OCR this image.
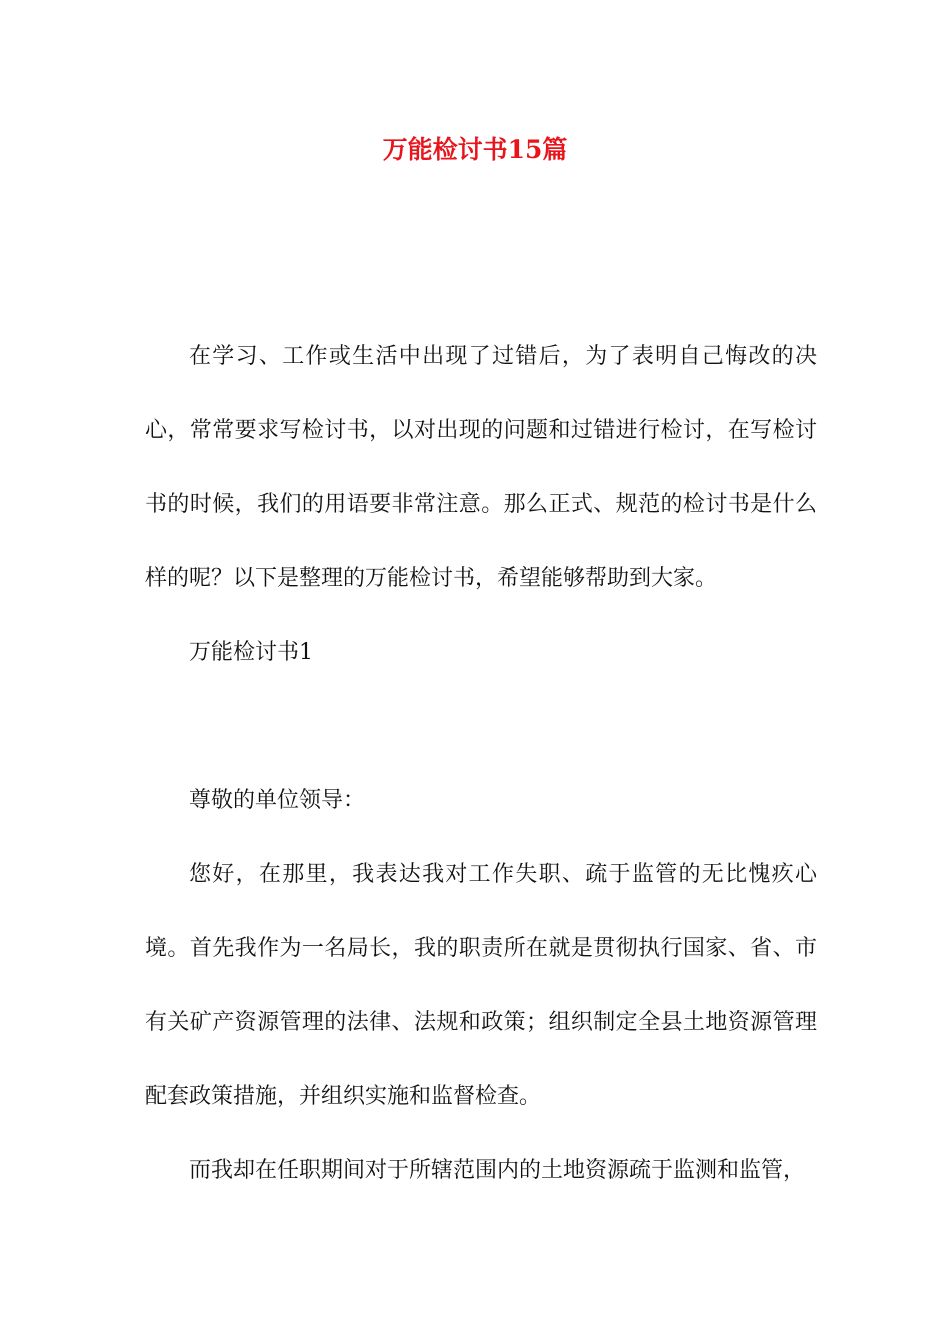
万能检讨书15篇

在学习、工作或生活中出现了过错后，为了表明自己悔改的决心，常常要求写检讨书，以对出现的问题和过错进行检讨，在写检讨书的时候，我们的用语要非常注意。那么正式、规范的检讨书是什么样的呢？以下是整理的万能检讨书，希望能够帮助到大家。

万能检讨书1

尊敬的单位领导：

您好，在那里，我表达我对工作失职、疏于监管的无比愧疚心境。首先我作为一名局长，我的职责所在就是贯彻执行国家、省、市有关矿产资源管理的法律、法规和政策；组织制定全县土地资源管理配套政策措施，并组织实施和监督检查。

而我却在任职期间对于所辖范围内的土地资源疏于监测和监管，
